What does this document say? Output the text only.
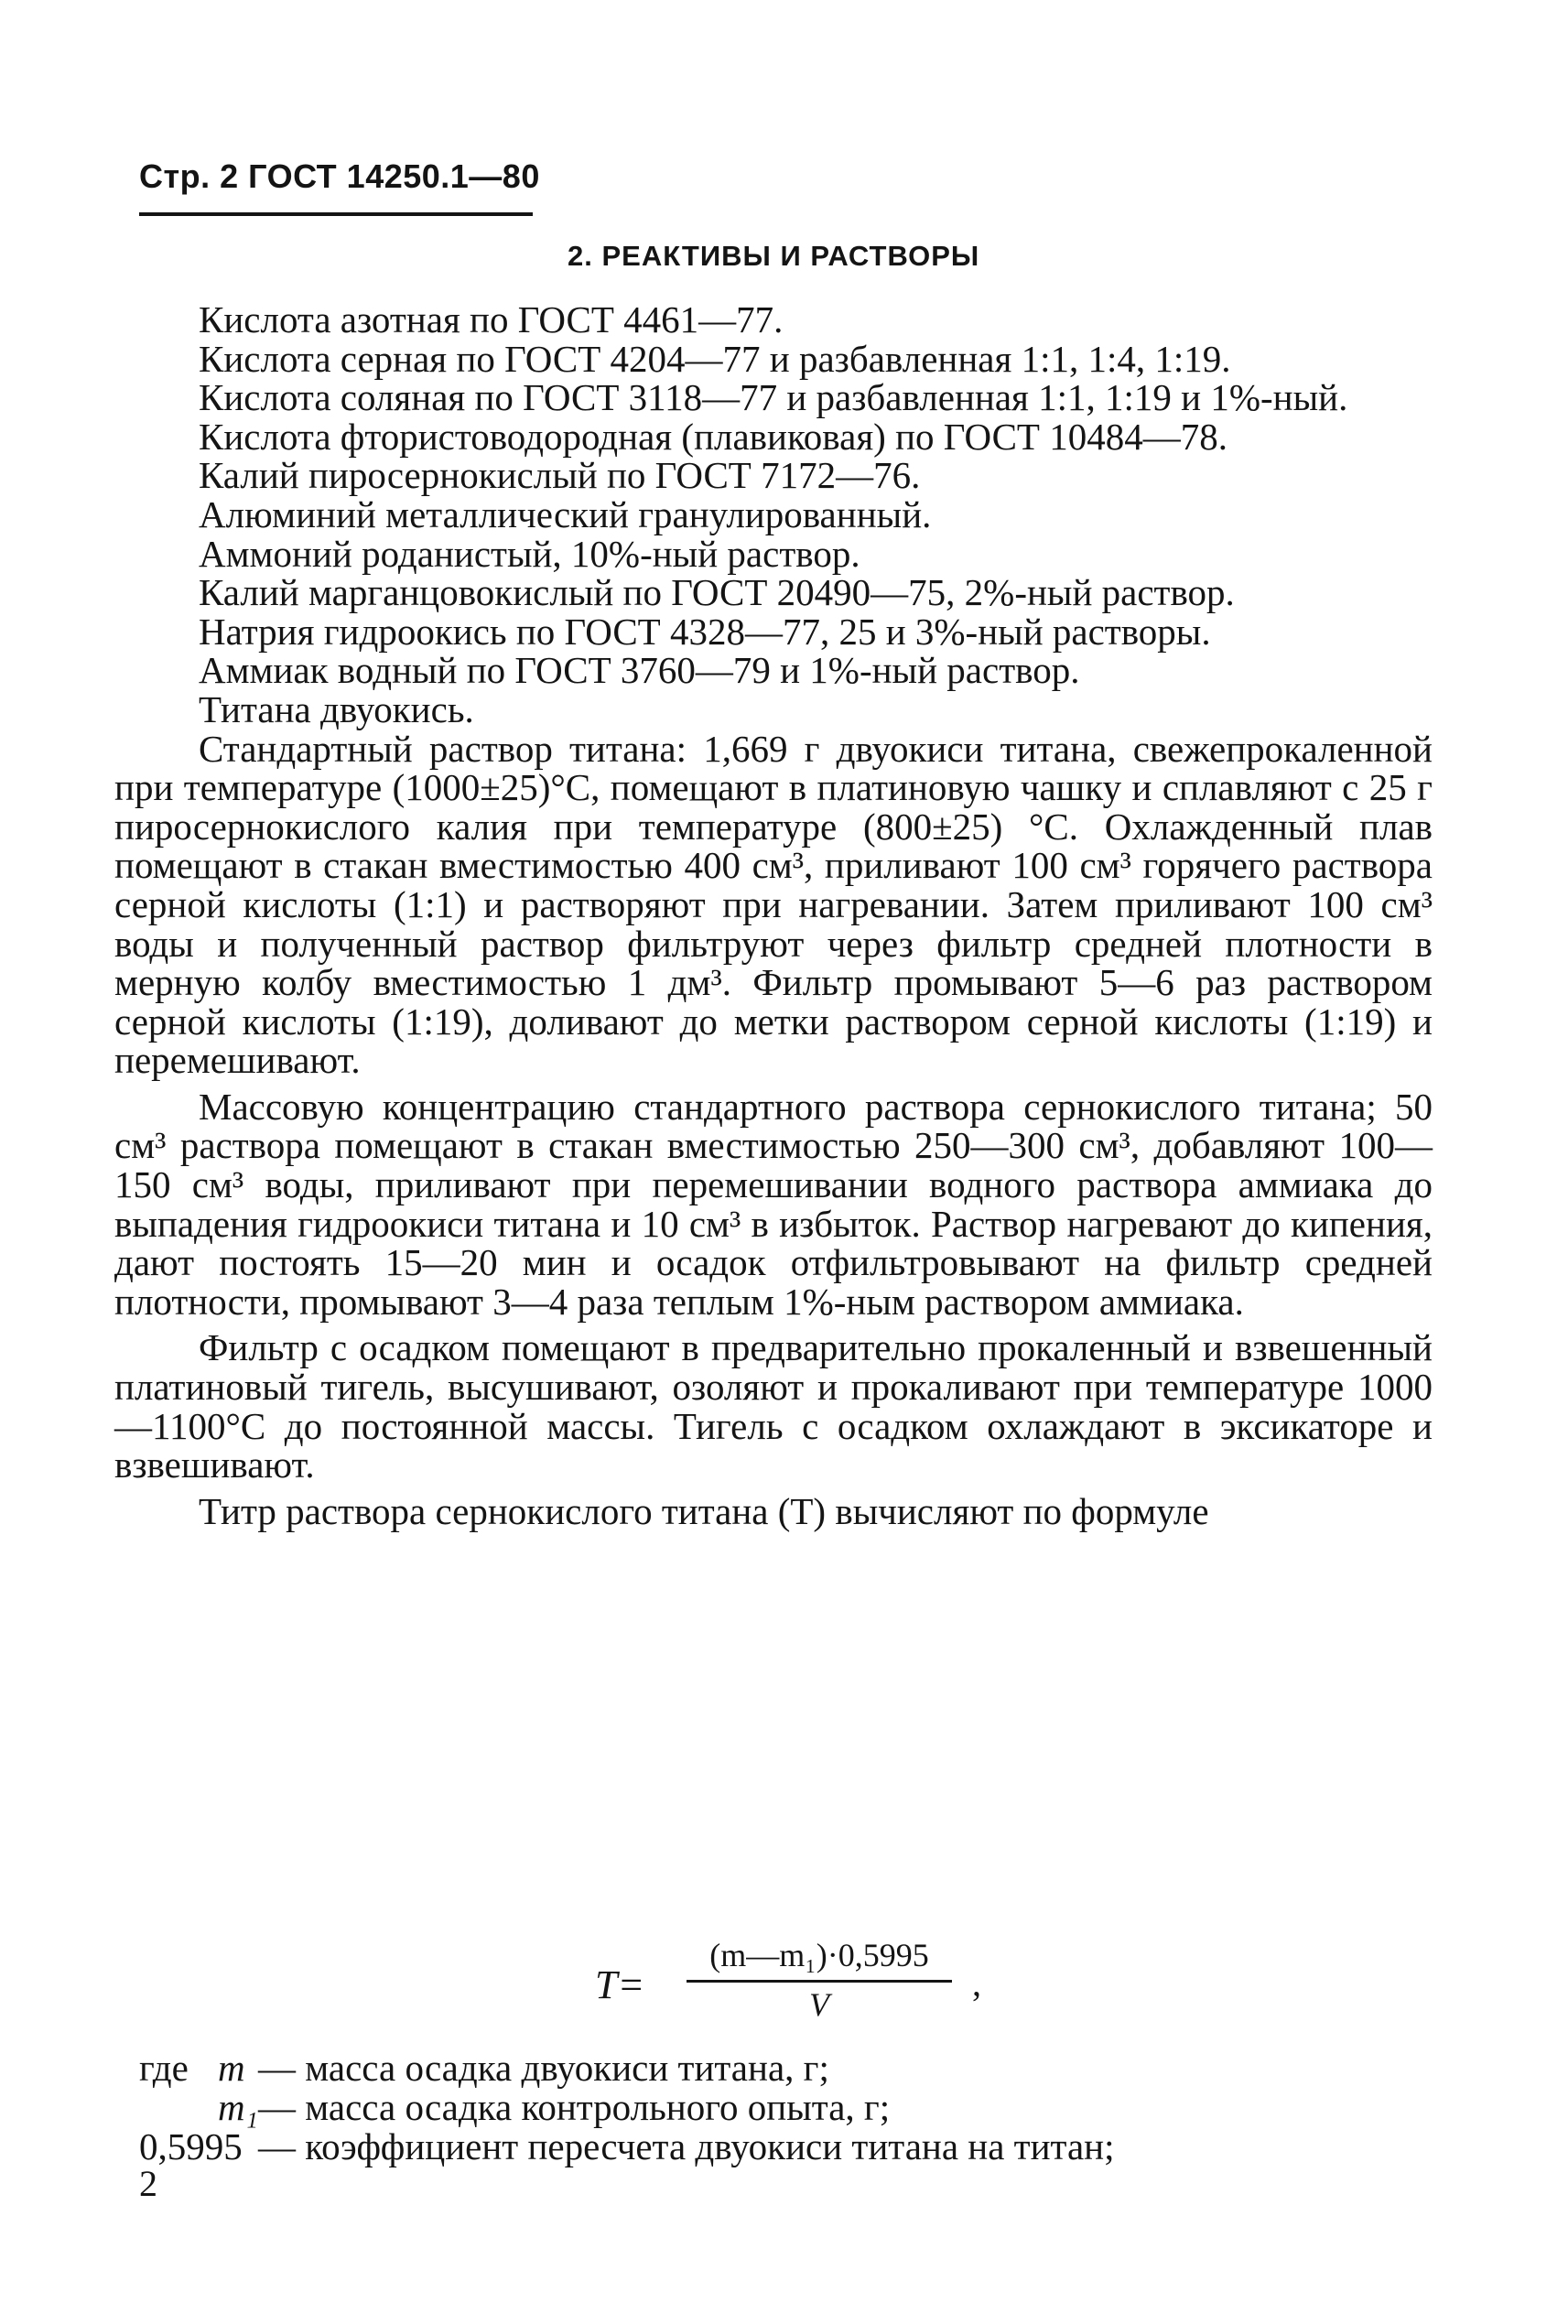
Стр. 2 ГОСТ 14250.1—80
2. РЕАКТИВЫ И РАСТВОРЫ

Кислота азотная по ГОСТ 4461—77.

Кислота серная по ГОСТ 4204—77 и разбавленная 1:1, 1:4, 1:19.

Кислота соляная по ГОСТ 3118—77 и разбавленная 1:1, 1:19 и 1%-ный.

Кислота фтористоводородная (плавиковая) по ГОСТ 10484—78.

Калий пиросернокислый по ГОСТ 7172—76.

Алюминий металлический гранулированный.

Аммоний роданистый, 10%-ный раствор.

Калий марганцовокислый по ГОСТ 20490—75, 2%-ный раствор.

Натрия гидроокись по ГОСТ 4328—77, 25 и 3%-ный растворы.

Аммиак водный по ГОСТ 3760—79 и 1%-ный раствор.

Титана двуокись.

Стандартный раствор титана: 1,669 г двуокиси титана, свежепрокаленной при температуре (1000±25)°С, помещают в платиновую чашку и сплавляют с 25 г пиросернокислого калия при температуре (800±25) °С. Охлажденный плав помещают в стакан вместимостью 400 см³, приливают 100 см³ горячего раствора серной кислоты (1:1) и растворяют при нагревании. Затем приливают 100 см³ воды и полученный раствор фильтруют через фильтр средней плотности в мерную колбу вместимостью 1 дм³. Фильтр промывают 5—6 раз раствором серной кислоты (1:19), доливают до метки раствором серной кислоты (1:19) и перемешивают.

Массовую концентрацию стандартного раствора сернокислого титана; 50 см³ раствора помещают в стакан вместимостью 250—300 см³, добавляют 100—150 см³ воды, приливают при перемешивании водного раствора аммиака до выпадения гидроокиси титана и 10 см³ в избыток. Раствор нагревают до кипения, дают постоять 15—20 мин и осадок отфильтровывают на фильтр средней плотности, промывают 3—4 раза теплым 1%-ным раствором аммиака.

Фильтр с осадком помещают в предварительно прокаленный и взвешенный платиновый тигель, высушивают, озоляют и прокаливают при температуре 1000—1100°С до постоянной массы. Тигель с осадком охлаждают в эксикаторе и взвешивают.

Титр раствора сернокислого титана (Т) вычисляют по формуле

T=
(m—m₁)·0,5995
V
,
где m — масса осадка двуокиси титана, г;
m₁ — масса осадка контрольного опыта, г;
0,5995 — коэффициент пересчета двуокиси титана на титан;
2
